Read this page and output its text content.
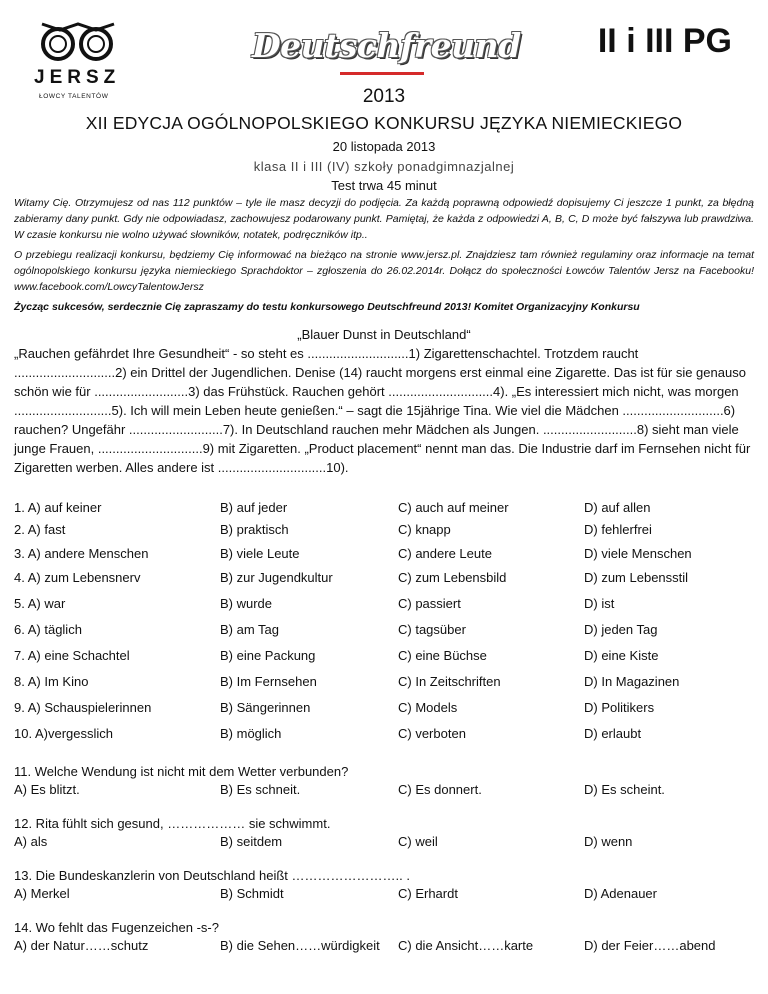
JERSZ
ŁOWCY TALENTÓW
Deutschfreund II i III PG
2013
XII EDYCJA OGÓLNOPOLSKIEGO KONKURSU JĘZYKA NIEMIECKIEGO
20 listopada 2013
klasa II i III (IV) szkoły ponadgimnazjalnej
Test trwa 45 minut
Witamy Cię. Otrzymujesz od nas 112 punktów – tyle ile masz decyzji do podjęcia. Za każdą poprawną odpowiedź dopisujemy Ci jeszcze 1 punkt, za błędną zabieramy dany punkt. Gdy nie odpowiadasz, zachowujesz podarowany punkt. Pamiętaj, że każda z odpowiedzi A, B, C, D może być fałszywa lub prawdziwa. W czasie konkursu nie wolno używać słowników, notatek, podręczników itp..
O przebiegu realizacji konkursu, będziemy Cię informować na bieżąco na stronie www.jersz.pl. Znajdziesz tam również regulaminy oraz informacje na temat ogólnopolskiego konkursu języka niemieckiego Sprachdoktor – zgłoszenia do 26.02.2014r. Dołącz do społeczności Łowców Talentów Jersz na Facebooku! www.facebook.com/LowcyTalentowJersz
Życząc sukcesów, serdecznie Cię zapraszamy do testu konkursowego Deutschfreund 2013! Komitet Organizacyjny Konkursu
„Blauer Dunst in Deutschland“
„Rauchen gefährdet Ihre Gesundheit“ - so steht es ............................1) Zigarettenschachtel. Trotzdem raucht ............................2) ein Drittel der Jugendlichen. Denise (14) raucht morgens erst einmal eine Zigarette. Das ist für sie genauso schön wie für ..........................3) das Frühstück. Rauchen gehört .............................4). „Es interessiert mich nicht, was morgen ...........................5). Ich will mein Leben heute genießen.“ – sagt die 15jährige Tina. Wie viel die Mädchen ............................6) rauchen? Ungefähr ..........................7). In Deutschland rauchen mehr Mädchen als Jungen. ..........................8) sieht man viele junge Frauen, .............................9) mit Zigaretten. „Product placement“ nennt man das. Die Industrie darf im Fernsehen nicht für Zigaretten werben. Alles andere ist ..............................10).
1. A) auf keiner	B) auf jeder	C) auch auf meiner	D) auf allen
2. A) fast	B) praktisch	C) knapp	D) fehlerfrei
3. A) andere Menschen	B) viele Leute	C) andere Leute	D) viele Menschen
4. A) zum Lebensnerv	B) zur Jugendkultur	C) zum Lebensbild	D) zum Lebensstil
5. A) war	B) wurde	C) passiert	D) ist
6. A) täglich	B) am Tag	C) tagsüber	D) jeden Tag
7. A) eine Schachtel	B) eine Packung	C) eine Büchse	D) eine Kiste
8. A) Im Kino	B) Im Fernsehen	C) In Zeitschriften	D) In Magazinen
9. A) Schauspielerinnen	B) Sängerinnen	C) Models	D) Politikers
10. A)vergesslich	B) möglich	C) verboten	D) erlaubt
11. Welche Wendung ist nicht mit dem Wetter verbunden?
A) Es blitzt.	B) Es schneit.	C) Es donnert.	D) Es scheint.
12. Rita fühlt sich gesund, ……………… sie schwimmt.
A) als	B) seitdem	C) weil	D) wenn
13. Die Bundeskanzlerin von Deutschland heißt …………………….. .
A) Merkel	B) Schmidt	C) Erhardt	D) Adenauer
14. Wo fehlt das Fugenzeichen -s-?
A) der Natur……schutz	B) die Sehen……würdigkeit C) die Ansicht……karte	D) der Feier……abend
